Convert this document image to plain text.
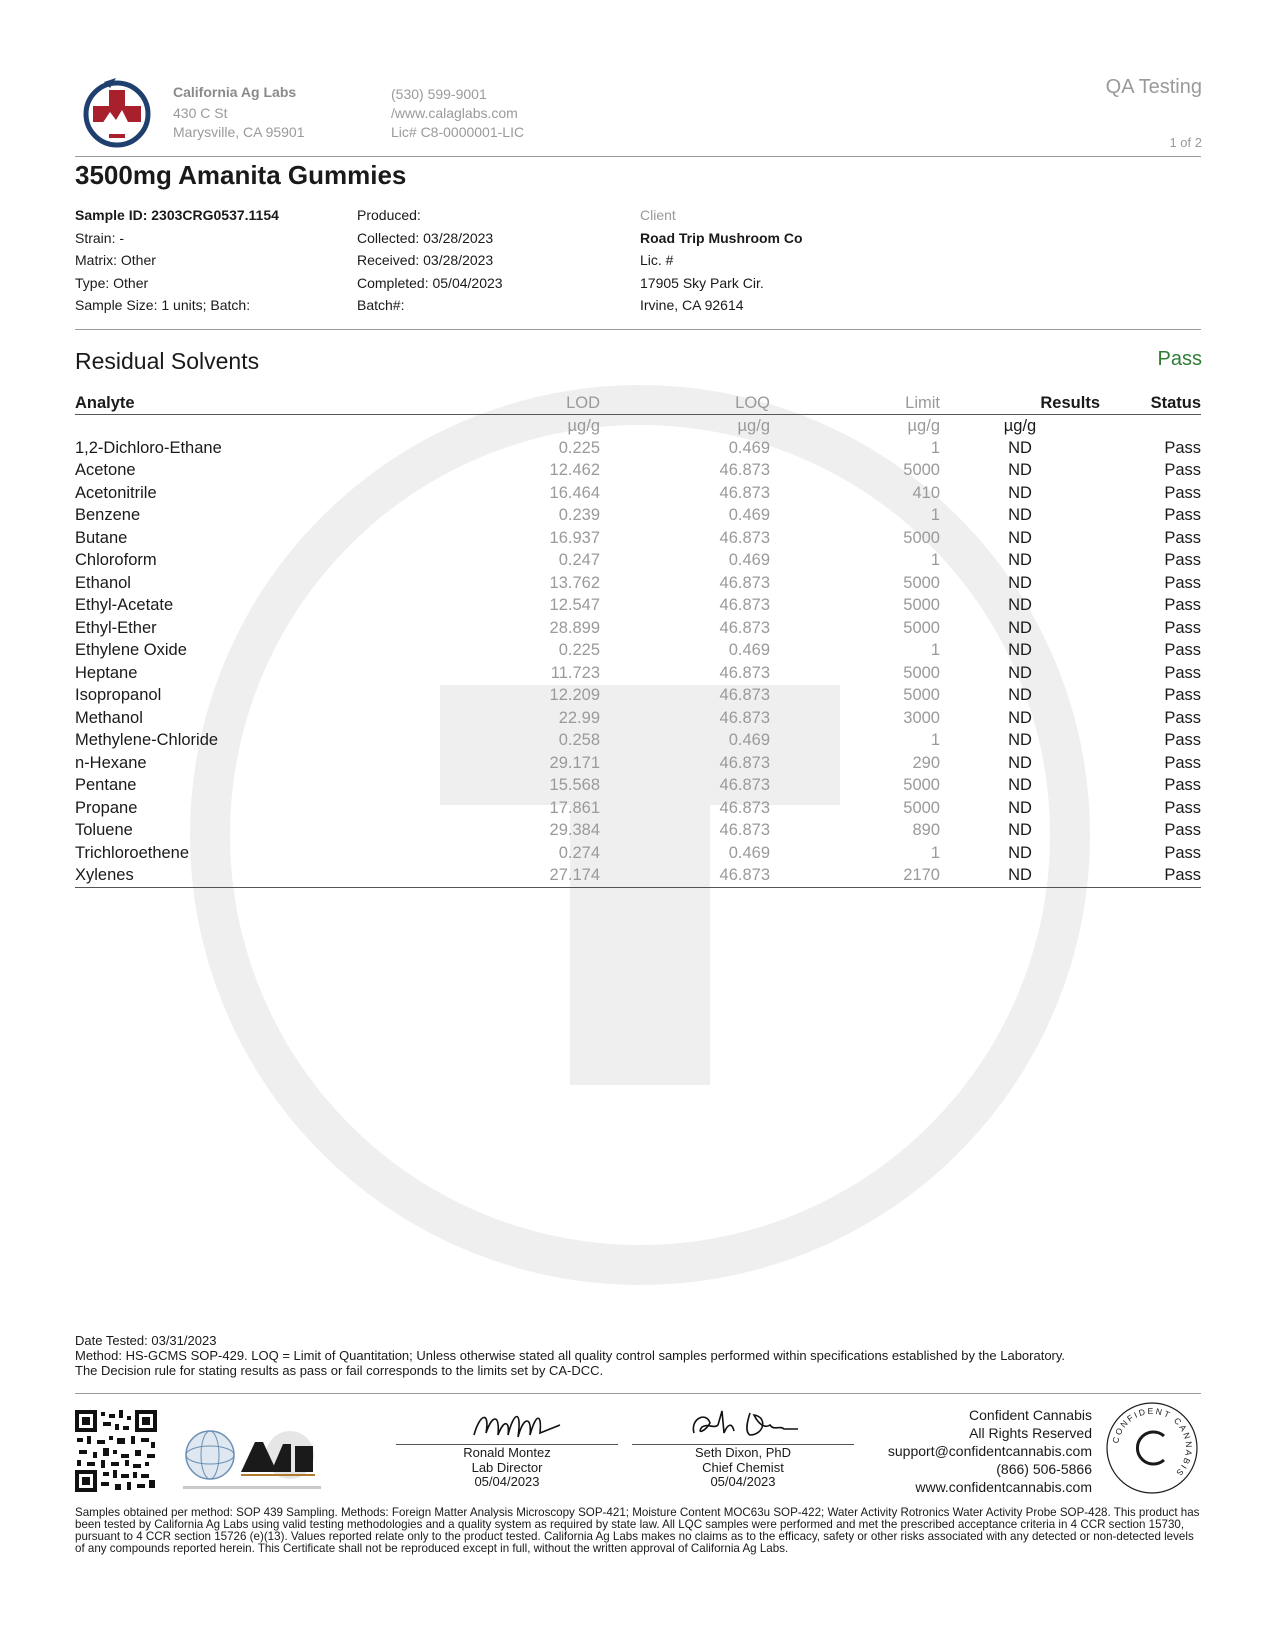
California Ag Labs
430 C St
Marysville, CA 95901
(530) 599-9001
/www.calaglabs.com
Lic# C8-0000001-LIC
QA Testing
1 of 2
3500mg Amanita Gummies
Sample ID: 2303CRG0537.1154
Strain: -
Matrix: Other
Type: Other
Sample Size: 1 units; Batch:
Produced:
Collected: 03/28/2023
Received: 03/28/2023
Completed: 05/04/2023
Batch#:
Client
Road Trip Mushroom Co
Lic. #
17905 Sky Park Cir.
Irvine, CA 92614
Residual Solvents	Pass
Analyte	LOD	LOQ	Limit	Results	Status
	µg/g	µg/g	µg/g	µg/g	
1,2-Dichloro-Ethane	0.225	0.469	1	ND	Pass
Acetone	12.462	46.873	5000	ND	Pass
Acetonitrile	16.464	46.873	410	ND	Pass
Benzene	0.239	0.469	1	ND	Pass
Butane	16.937	46.873	5000	ND	Pass
Chloroform	0.247	0.469	1	ND	Pass
Ethanol	13.762	46.873	5000	ND	Pass
Ethyl-Acetate	12.547	46.873	5000	ND	Pass
Ethyl-Ether	28.899	46.873	5000	ND	Pass
Ethylene Oxide	0.225	0.469	1	ND	Pass
Heptane	11.723	46.873	5000	ND	Pass
Isopropanol	12.209	46.873	5000	ND	Pass
Methanol	22.99	46.873	3000	ND	Pass
Methylene-Chloride	0.258	0.469	1	ND	Pass
n-Hexane	29.171	46.873	290	ND	Pass
Pentane	15.568	46.873	5000	ND	Pass
Propane	17.861	46.873	5000	ND	Pass
Toluene	29.384	46.873	890	ND	Pass
Trichloroethene	0.274	0.469	1	ND	Pass
Xylenes	27.174	46.873	2170	ND	Pass
Date Tested: 03/31/2023
Method: HS-GCMS SOP-429. LOQ = Limit of Quantitation; Unless otherwise stated all quality control samples performed within specifications established by the Laboratory.
The Decision rule for stating results as pass or fail corresponds to the limits set by CA-DCC.
Ronald Montez
Lab Director
05/04/2023
Seth Dixon, PhD
Chief Chemist
05/04/2023
Confident Cannabis
All Rights Reserved
support@confidentcannabis.com
(866) 506-5866
www.confidentcannabis.com
CONFIDENT CANNABIS
Samples obtained per method: SOP 439 Sampling. Methods: Foreign Matter Analysis Microscopy SOP-421; Moisture Content MOC63u SOP-422; Water Activity Rotronics Water Activity Probe SOP-428. This product has been tested by California Ag Labs using valid testing methodologies and a quality system as required by state law. All LQC samples were performed and met the prescribed acceptance criteria in 4 CCR section 15730, pursuant to 4 CCR section 15726 (e)(13). Values reported relate only to the product tested. California Ag Labs makes no claims as to the efficacy, safety or other risks associated with any detected or non-detected levels of any compounds reported herein. This Certificate shall not be reproduced except in full, without the written approval of California Ag Labs.
